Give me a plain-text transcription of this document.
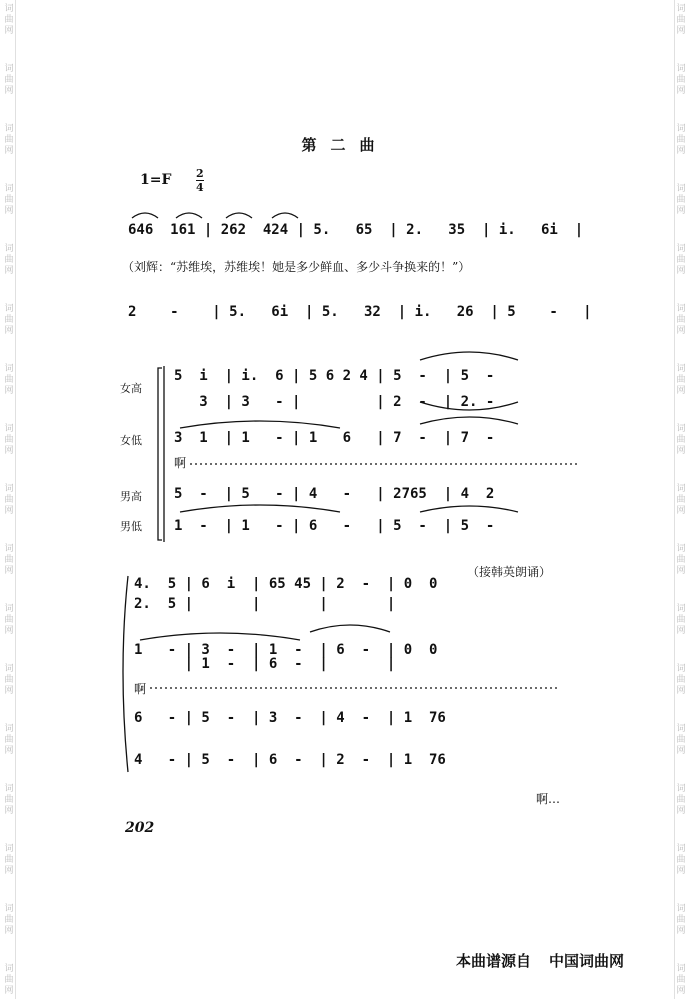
词
曲
网
词
曲
网
词
曲
网
词
曲
网
词
曲
网
词
曲
网
词
曲
网
词
曲
网
词
曲
网
词
曲
网
词
曲
网
词
曲
网
词
曲
网
词
曲
网
词
曲
网
词
曲
网
词
曲
网
词
曲
网
词
曲
网
词
曲
网
词
曲
网
词
曲
网
词
曲
网
词
曲
网
词
曲
网
词
曲
网
词
曲
网
词
曲
网
词
曲
网
词
曲
网
词
曲
网
词
曲
网
词
曲
网
词
曲
网
第二曲
1=F 2
4
646  161 | 262  424 | 5.   65  | 2.   35  | i.   6i  |
（刘辉：“苏维埃，苏维埃！她是多少鲜血、多少斗争换来的！”）
2    -    | 5.   6i  | 5.   32  | i.   26  | 5    -   |
女高
女低
男高
男低
5  i  | i.  6 | 5 6 2 4 | 5  -  | 5  -
3  | 3   - |         | 2  -  | 2. -
3  1  | 1   - | 1   6   | 7  -  | 7  -
啊
5  -  | 5   - | 4   -   | 2765  | 4  2
1  -  | 1   - | 6   -   | 5  -  | 5  -
（接韩英朗诵）
4.  5 | 6  i  | 65 45 | 2  -  | 0  0
2.  5 |       |       |       |
1   - | 3  -  | 1  -  | 6  -  | 0  0
| 1  -  | 6  -  |       |
啊
6   - | 5  -  | 3  -  | 4  -  | 1  76
4   - | 5  -  | 6  -  | 2  -  | 1  76
啊…
202
本曲谱源自 中国词曲网
